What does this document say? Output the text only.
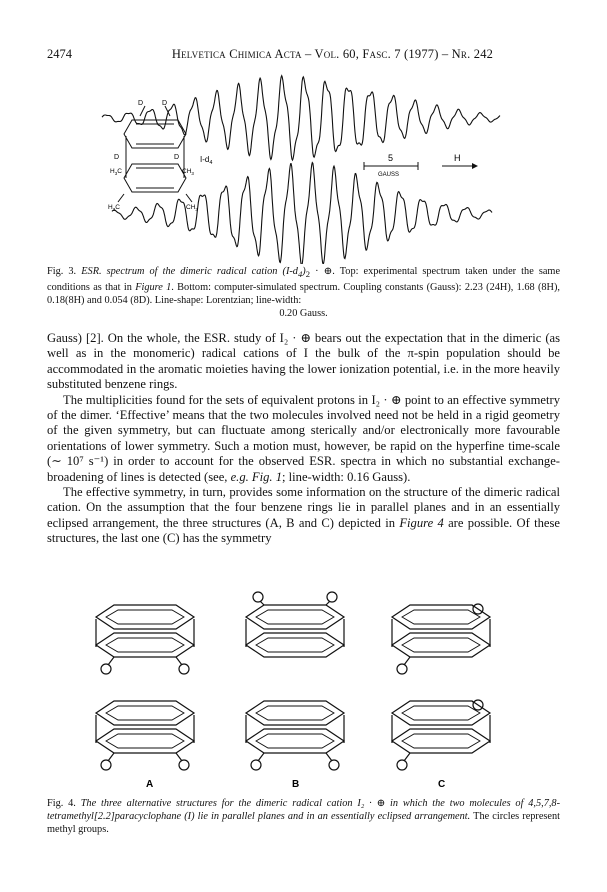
2474	Helvetica Chimica Acta – Vol. 60, Fasc. 7 (1977) – Nr. 242
D	D
D	D
$H_3C$	$CH_3$
$H_3C$	$CH_3$
$I-d_4$	5
GAUSS
H
Fig. 3. ESR. spectrum of the dimeric radical cation $(I-d_4)_2$ · ⊕. Top: experimental spectrum taken under the same conditions as that in Figure 1. Bottom: computer-simulated spectrum. Coupling constants (Gauss): 2.23 (24H), 1.68 (8H), 0.18(8H) and 0.054 (8D). Line-shape: Lorentzian; line-width:
0.20 Gauss.

Gauss) [2]. On the whole, the ESR. study of I₂ · ⊕ bears out the expectation that in the dimeric (as well as in the monomeric) radical cations of I the bulk of the π-spin population should be accommodated in the aromatic moieties having the lower ionization potential, i.e. in the more heavily substituted benzene rings.

The multiplicities found for the sets of equivalent protons in I₂ · ⊕ point to an effective symmetry of the dimer. ‘Effective’ means that the two molecules involved need not be held in a rigid geometry of the given symmetry, but can fluctuate among sterically and/or electronically more favourable orientations of lower symmetry. Such a motion must, however, be rapid on the hyperfine time-scale (∼ 10⁷ s⁻¹) in order to account for the observed ESR. spectra in which no substantial exchange-broadening of lines is detected (see, e.g. Fig. 1; line-width: 0.16 Gauss).

The effective symmetry, in turn, provides some information on the structure of the dimeric radical cation. On the assumption that the four benzene rings lie in parallel planes and in an essentially eclipsed arrangement, the three structures (A, B and C) depicted in Figure 4 are possible. Of these structures, the last one (C) has the symmetry

A	B	C
Fig. 4. The three alternative structures for the dimeric radical cation I₂ · ⊕ in which the two molecules of 4,5,7,8-tetramethyl[2.2]paracyclophane (I) lie in parallel planes and in an essentially eclipsed arrangement. The circles represent methyl groups.
